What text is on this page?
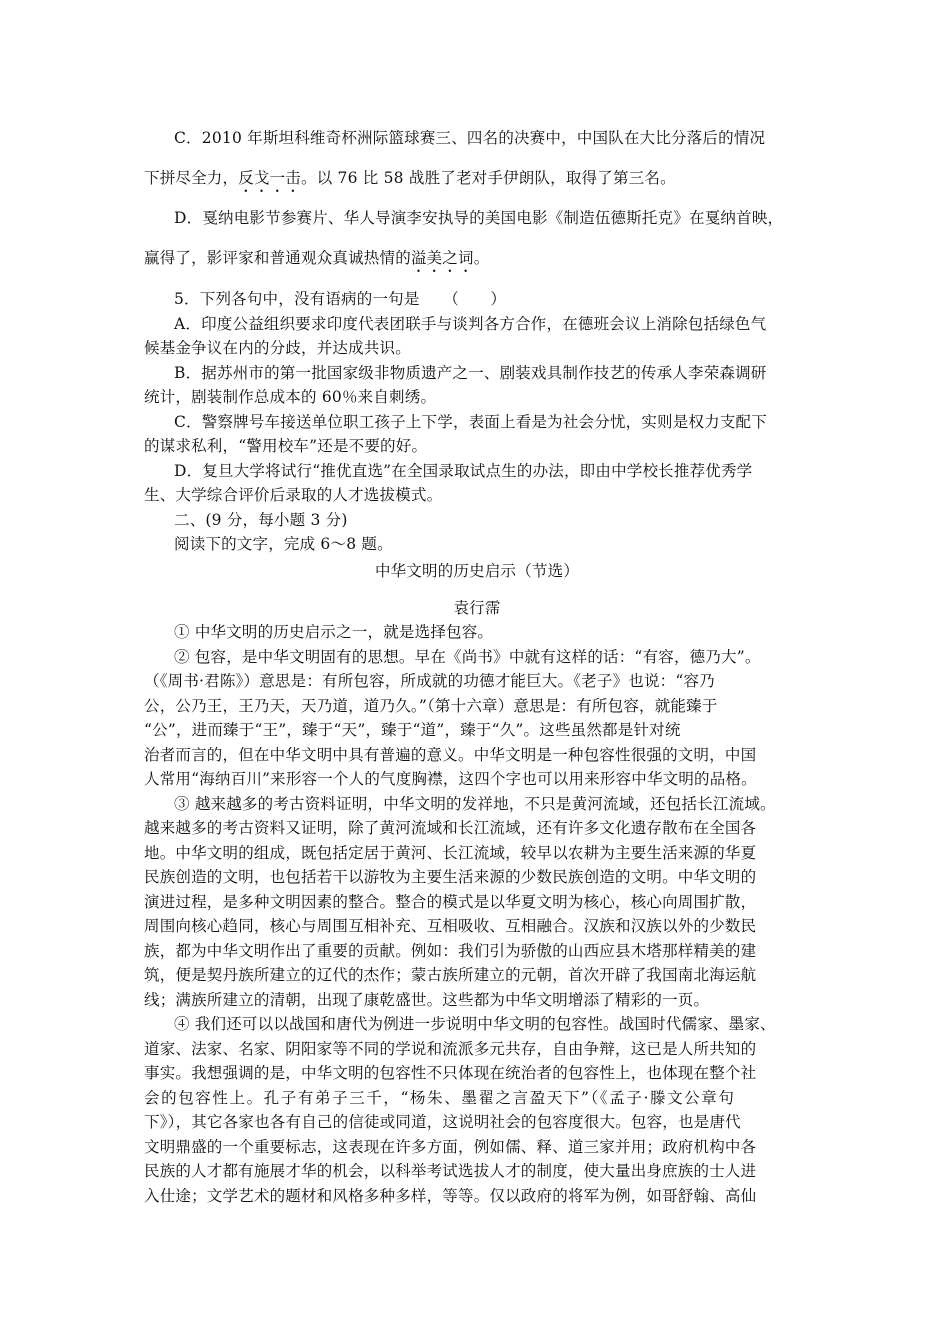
C．2010 年斯坦科维奇杯洲际篮球赛三、四名的决赛中，中国队在大比分落后的情况
下拼尽全力，反戈一击。以 76 比 58 战胜了老对手伊朗队，取得了第三名。
D．戛纳电影节参赛片、华人导演李安执导的美国电影《制造伍德斯托克》在戛纳首映，
赢得了，影评家和普通观众真诚热情的溢美之词。
5．下列各句中，没有语病的一句是　　（　　）
A．印度公益组织要求印度代表团联手与谈判各方合作，在德班会议上消除包括绿色气
候基金争议在内的分歧，并达成共识。
B．据苏州市的第一批国家级非物质遗产之一、剧装戏具制作技艺的传承人李荣森调研
统计，剧装制作总成本的 60％来自刺绣。
C．警察牌号车接送单位职工孩子上下学，表面上看是为社会分忧，实则是权力支配下
的谋求私利，“警用校车”还是不要的好。
D．复旦大学将试行“推优直选”在全国录取试点生的办法，即由中学校长推荐优秀学
生、大学综合评价后录取的人才选拔模式。
二、(9 分，每小题 3 分)
阅读下的文字，完成 6～8 题。
中华文明的历史启示（节选）
袁行霈
① 中华文明的历史启示之一，就是选择包容。
② 包容，是中华文明固有的思想。早在《尚书》中就有这样的话：“有容，德乃大”。
（《周书·君陈》）意思是：有所包容，所成就的功德才能巨大。《老子》也说：“容乃
公，公乃王，王乃天，天乃道，道乃久。”（第十六章）意思是：有所包容，就能臻于
“公”，进而臻于“王”，臻于“天”，臻于“道”，臻于“久”。这些虽然都是针对统
治者而言的，但在中华文明中具有普遍的意义。中华文明是一种包容性很强的文明，中国
人常用“海纳百川”来形容一个人的气度胸襟，这四个字也可以用来形容中华文明的品格。
③ 越来越多的考古资料证明，中华文明的发祥地，不只是黄河流域，还包括长江流域。
越来越多的考古资料又证明，除了黄河流域和长江流域，还有许多文化遗存散布在全国各
地。中华文明的组成，既包括定居于黄河、长江流域，较早以农耕为主要生活来源的华夏
民族创造的文明，也包括若干以游牧为主要生活来源的少数民族创造的文明。中华文明的
演进过程，是多种文明因素的整合。整合的模式是以华夏文明为核心，核心向周围扩散，
周围向核心趋同，核心与周围互相补充、互相吸收、互相融合。汉族和汉族以外的少数民
族，都为中华文明作出了重要的贡献。例如：我们引为骄傲的山西应县木塔那样精美的建
筑，便是契丹族所建立的辽代的杰作；蒙古族所建立的元朝，首次开辟了我国南北海运航
线；满族所建立的清朝，出现了康乾盛世。这些都为中华文明增添了精彩的一页。
④ 我们还可以以战国和唐代为例进一步说明中华文明的包容性。战国时代儒家、墨家、
道家、法家、名家、阴阳家等不同的学说和流派多元共存，自由争辩，这已是人所共知的
事实。我想强调的是，中华文明的包容性不只体现在统治者的包容性上，也体现在整个社
会的包容性上。孔子有弟子三千，“杨朱、墨翟之言盈天下”（《孟子·滕文公章句
下》），其它各家也各有自己的信徒或同道，这说明社会的包容度很大。包容，也是唐代
文明鼎盛的一个重要标志，这表现在许多方面，例如儒、释、道三家并用；政府机构中各
民族的人才都有施展才华的机会，以科举考试选拔人才的制度，使大量出身庶族的士人进
入仕途；文学艺术的题材和风格多种多样，等等。仅以政府的将军为例，如哥舒翰、高仙
